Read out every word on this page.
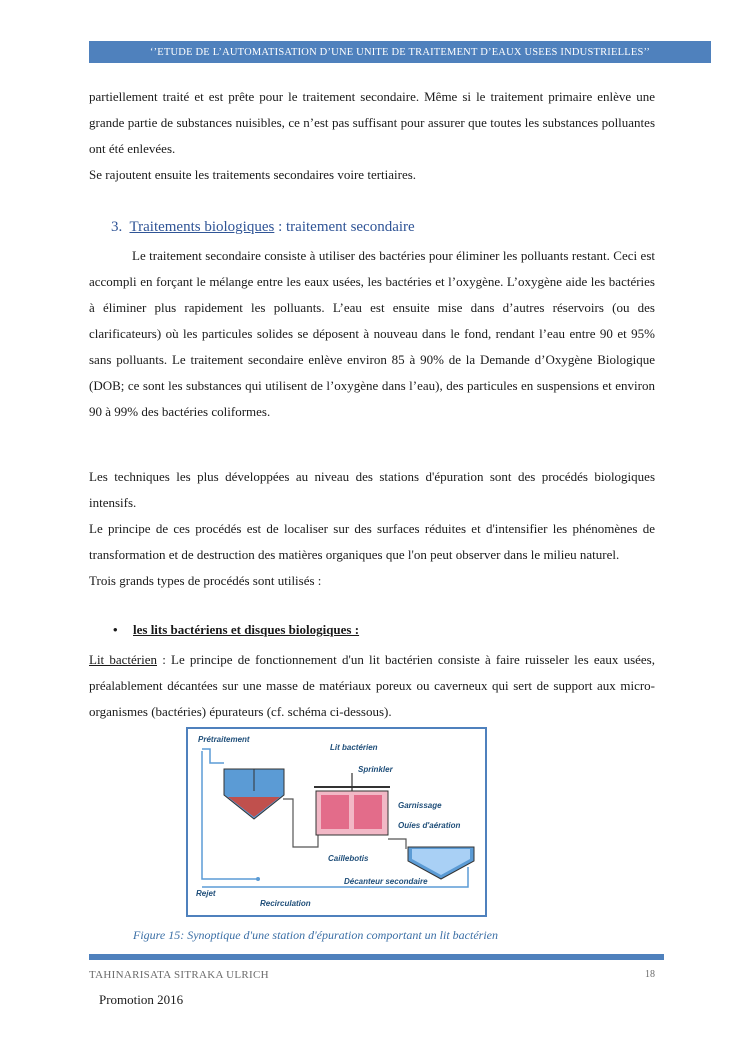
‘’ETUDE DE L’AUTOMATISATION D’UNE UNITE DE TRAITEMENT D’EAUX USEES INDUSTRIELLES’’

partiellement traité et est prête pour le traitement secondaire. Même si le traitement primaire enlève une grande partie de substances nuisibles, ce n’est pas suffisant pour assurer que toutes les substances polluantes ont été enlevées.

Se rajoutent ensuite les traitements secondaires voire tertiaires.

3. Traitements biologiques : traitement secondaire

Le traitement secondaire consiste à utiliser des bactéries pour éliminer les polluants restant. Ceci est accompli en forçant le mélange entre les eaux usées, les bactéries et l’oxygène. L’oxygène aide les bactéries à éliminer plus rapidement les polluants. L’eau est ensuite mise dans d’autres réservoirs (ou des clarificateurs) où les particules solides se déposent à nouveau dans le fond, rendant l’eau entre 90 et 95% sans polluants. Le traitement secondaire enlève environ 85 à 90% de la Demande d’Oxygène Biologique (DOB; ce sont les substances qui utilisent de l’oxygène dans l’eau), des particules en suspensions et environ 90 à 99% des bactéries coliformes.

Les techniques les plus développées au niveau des stations d'épuration sont des procédés biologiques intensifs.

Le principe de ces procédés est de localiser sur des surfaces réduites et d'intensifier les phénomènes de transformation et de destruction des matières organiques que l'on peut observer dans le milieu naturel.

Trois grands types de procédés sont utilisés :

• les lits bactériens et disques biologiques :

Lit bactérien : Le principe de fonctionnement d'un lit bactérien consiste à faire ruisseler les eaux usées, préalablement décantées sur une masse de matériaux poreux ou caverneux qui sert de support aux micro-organismes (bactéries) épurateurs (cf. schéma ci-dessous).

Prétraitement
Lit bactérien
Sprinkler
Garnissage
Ouïes d'aération
Caillebotis
Décanteur secondaire
Rejet
Recirculation
Figure 15: Synoptique d'une station d'épuration comportant un lit bactérien
TAHINARISATA SITRAKA ULRICH	18
Promotion 2016
